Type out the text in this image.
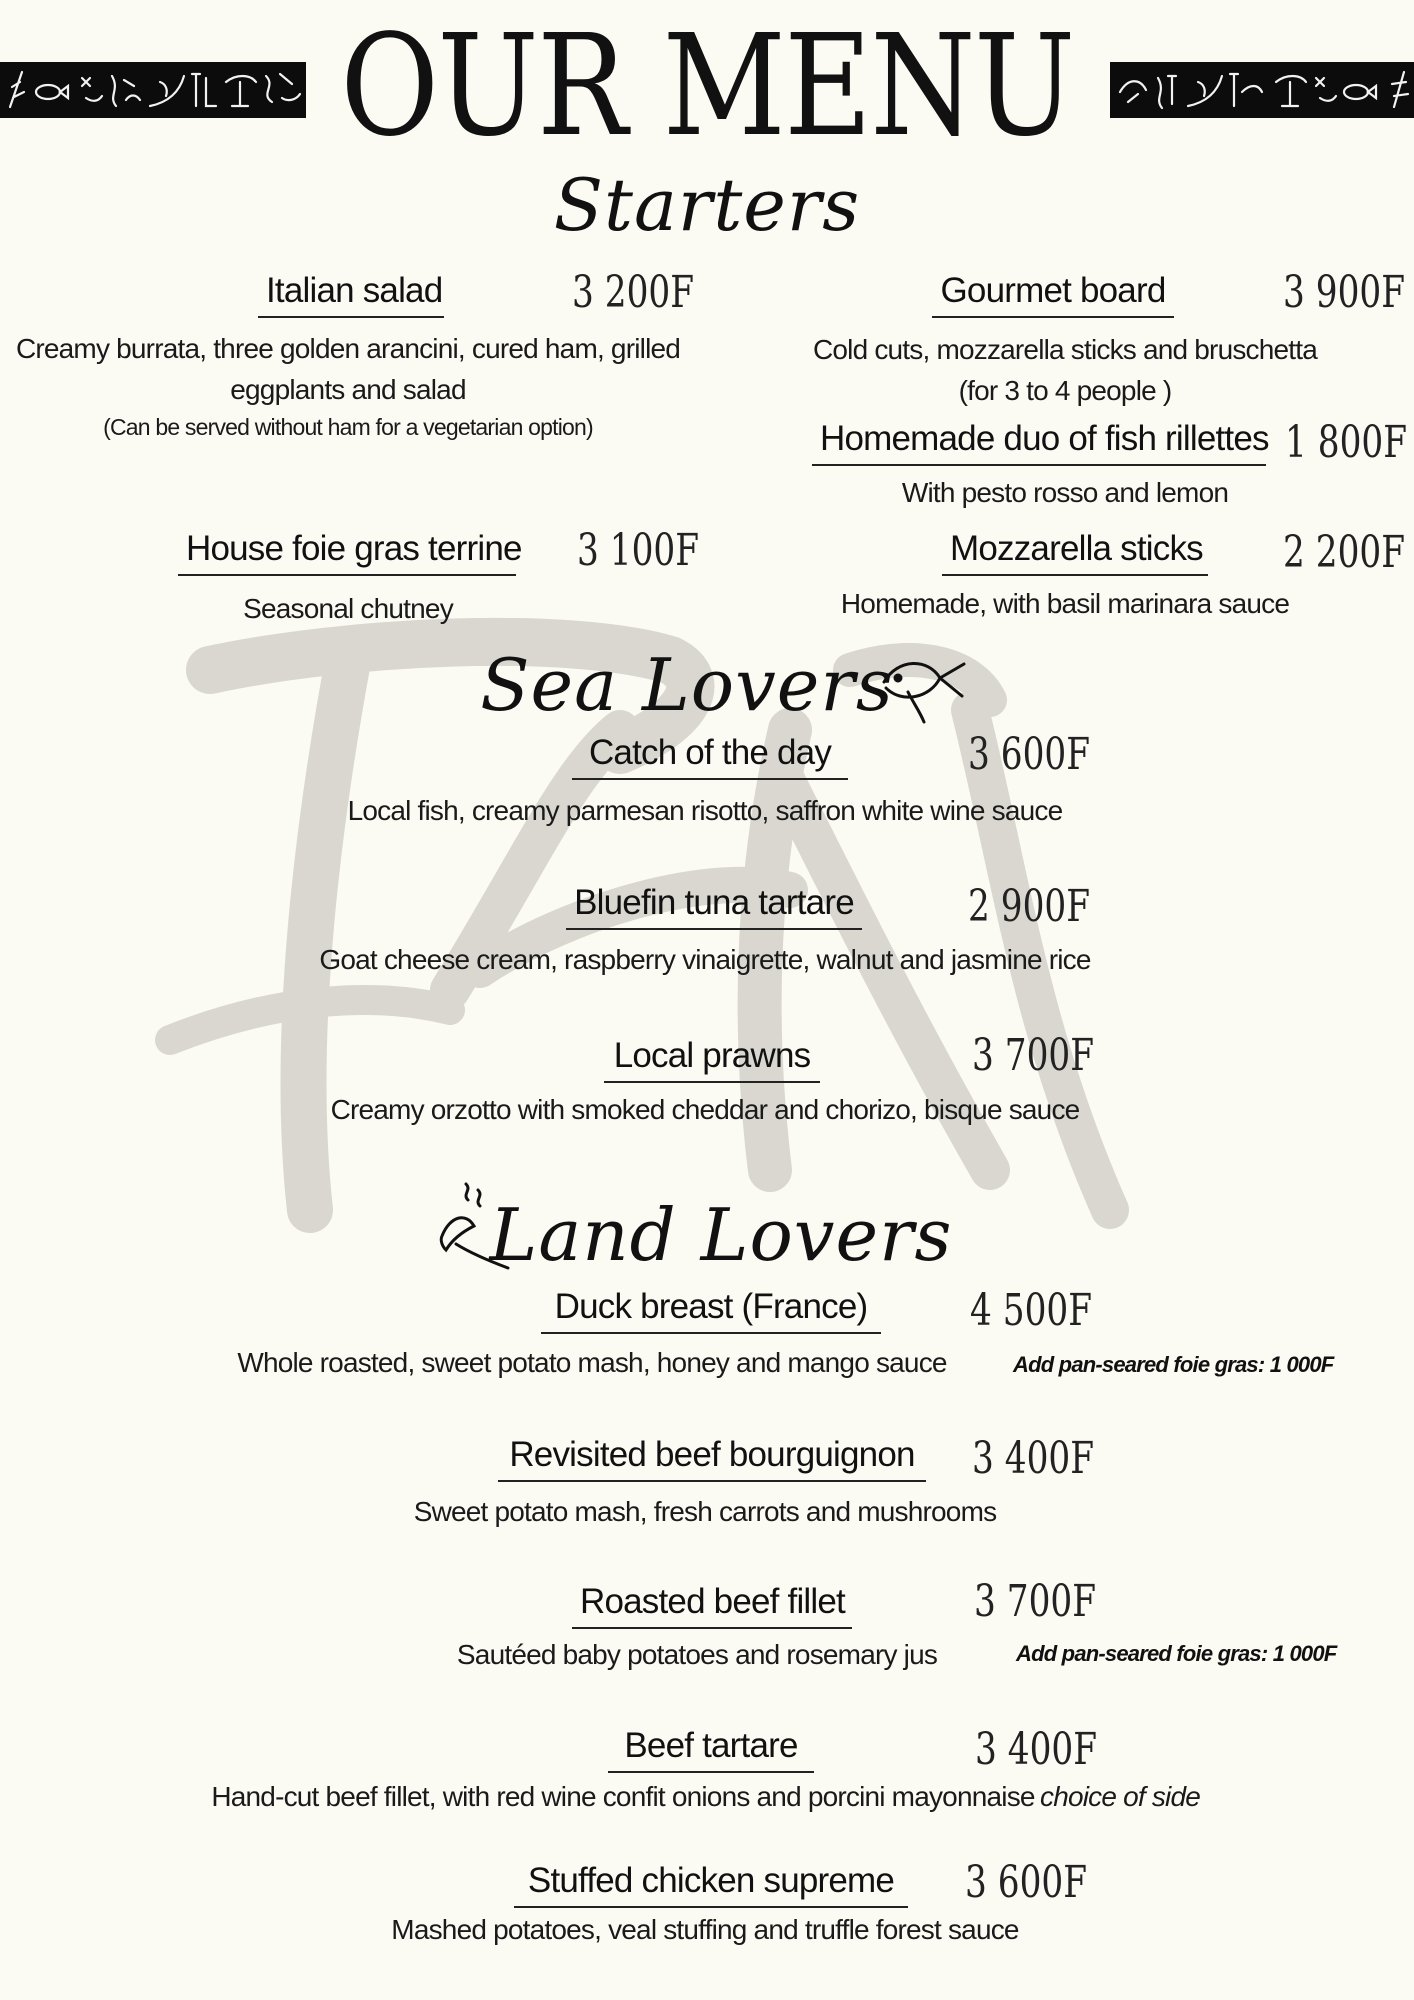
OUR MENU
Starters
Italian salad	3 200F
Creamy burrata, three golden arancini, cured ham, grilled eggplants and salad
(Can be served without ham for a vegetarian option)
Gourmet board	3 900F
Cold cuts, mozzarella sticks and bruschetta
(for 3 to 4 people )
Homemade duo of fish rillettes 1 800F
With pesto rosso and lemon
House foie gras terrine 3 100F
Seasonal chutney
Mozzarella sticks 2 200F
Homemade, with basil marinara sauce
Sea Lovers
Catch of the day	3 600F
Local fish, creamy parmesan risotto, saffron white wine sauce
Bluefin tuna tartare	2 900F
Goat cheese cream, raspberry vinaigrette, walnut and jasmine rice
Local prawns	3 700F
Creamy orzotto with smoked cheddar and chorizo, bisque sauce
Land Lovers
Duck breast (France)	4 500F
Whole roasted, sweet potato mash, honey and mango sauce	Add pan-seared foie gras: 1 000F
Revisited beef bourguignon 3 400F
Sweet potato mash, fresh carrots and mushrooms
Roasted beef fillet	3 700F
Sautéed baby potatoes and rosemary jus	Add pan-seared foie gras: 1 000F
Beef tartare	3 400F
Hand-cut beef fillet, with red wine confit onions and porcini mayonnaise choice of side
Stuffed chicken supreme	3 600F
Mashed potatoes, veal stuffing and truffle forest sauce
